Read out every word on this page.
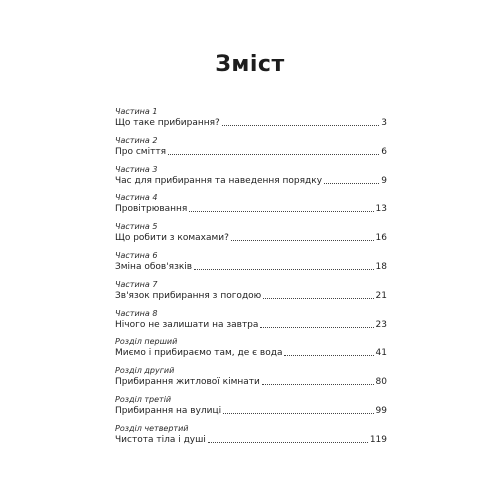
Зміст
Частина 1
Що таке прибирання?	3
Частина 2
Про сміття	6
Частина 3
Час для прибирання та наведення порядку	9
Частина 4
Провітрювання	13
Частина 5
Що робити з комахами?	16
Частина 6
Зміна обов'язків	18
Частина 7
Зв'язок прибирання з погодою	21
Частина 8
Нічого не залишати на завтра	23
Розділ перший
Миємо і прибираємо там, де є вода	41
Розділ другий
Прибирання житлової кімнати	80
Розділ третій
Прибирання на вулиці	99
Розділ четвертий
Чистота тіла і душі	119
